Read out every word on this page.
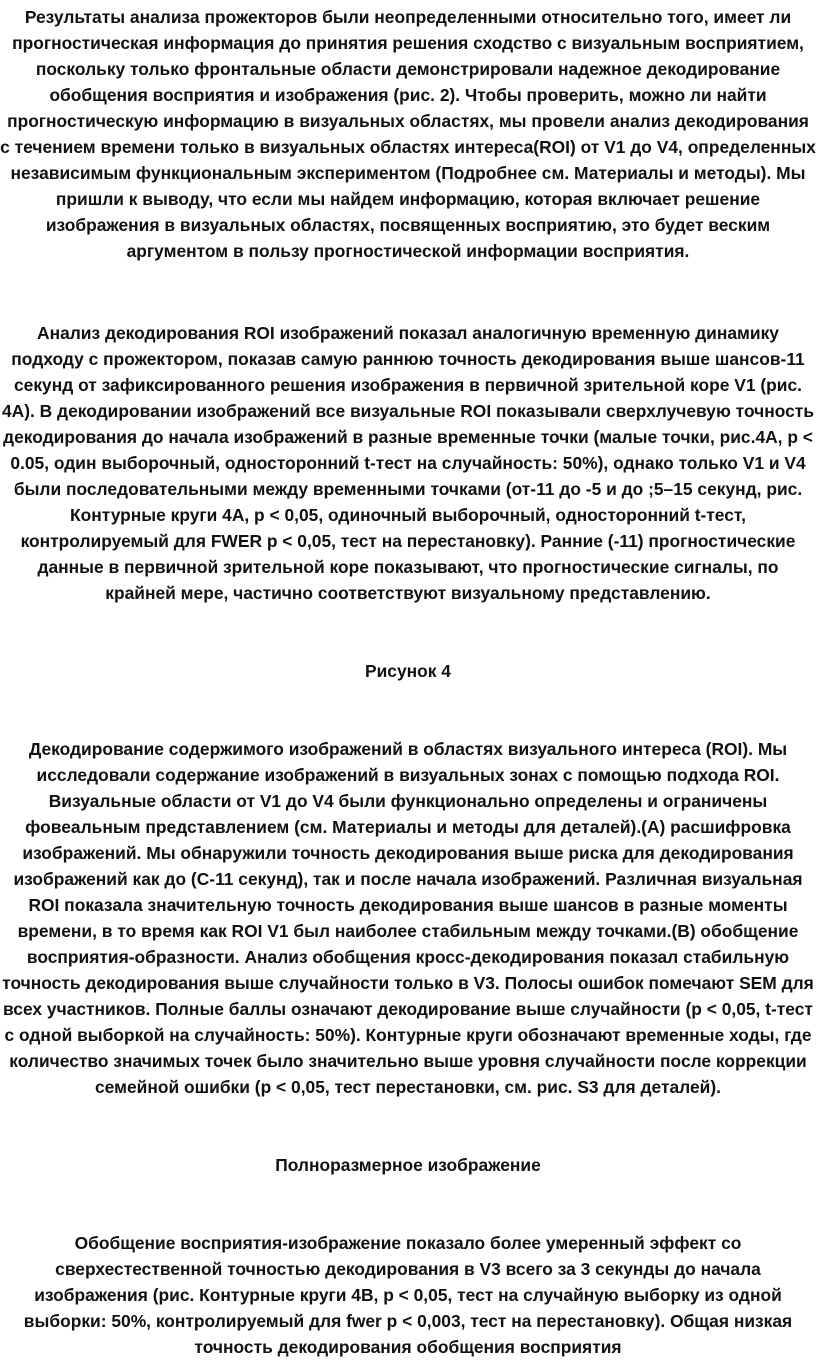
Результаты анализа прожекторов были неопределенными относительно того, имеет ли прогностическая информация до принятия решения сходство с визуальным восприятием, поскольку только фронтальные области демонстрировали надежное декодирование обобщения восприятия и изображения (рис. 2). Чтобы проверить, можно ли найти прогностическую информацию в визуальных областях, мы провели анализ декодирования с течением времени только в визуальных областях интереса(ROI) от V1 до V4, определенных независимым функциональным экспериментом (Подробнее см. Материалы и методы). Мы пришли к выводу, что если мы найдем информацию, которая включает решение изображения в визуальных областях, посвященных восприятию, это будет веским аргументом в пользу прогностической информации восприятия.

Анализ декодирования ROI изображений показал аналогичную временную динамику подходу с прожектором, показав самую раннюю точность декодирования выше шансов-11 секунд от зафиксированного решения изображения в первичной зрительной коре V1 (рис. 4A). В декодировании изображений все визуальные ROI показывали сверхлучевую точность декодирования до начала изображений в разные временные точки (малые точки, рис.4A, p < 0.05, один выборочный, односторонний t-тест на случайность: 50%), однако только V1 и V4 были последовательными между временными точками (от-11 до -5 и до ;5–15 секунд, рис. Контурные круги 4A, p < 0,05, одиночный выборочный, односторонний t-тест, контролируемый для FWER p < 0,05, тест на перестановку). Ранние (-11) прогностические данные в первичной зрительной коре показывают, что прогностические сигналы, по крайней мере, частично соответствуют визуальному представлению.

Рисунок 4

Декодирование содержимого изображений в областях визуального интереса (ROI). Мы исследовали содержание изображений в визуальных зонах с помощью подхода ROI. Визуальные области от V1 до V4 были функционально определены и ограничены фовеальным представлением (см. Материалы и методы для деталей).(A) расшифровка изображений. Мы обнаружили точность декодирования выше риска для декодирования изображений как до (C-11 секунд), так и после начала изображений. Различная визуальная ROI показала значительную точность декодирования выше шансов в разные моменты времени, в то время как ROI V1 был наиболее стабильным между точками.(B) обобщение восприятия-образности. Анализ обобщения кросс-декодирования показал стабильную точность декодирования выше случайности только в V3. Полосы ошибок помечают SEM для всех участников. Полные баллы означают декодирование выше случайности (p < 0,05, t-тест с одной выборкой на случайность: 50%). Контурные круги обозначают временные ходы, где количество значимых точек было значительно выше уровня случайности после коррекции семейной ошибки (p < 0,05, тест перестановки, см. рис. S3 для деталей).

Полноразмерное изображение

Обобщение восприятия-изображение показало более умеренный эффект со сверхестественной точностью декодирования в V3 всего за 3 секунды до начала изображения (рис. Контурные круги 4B, p < 0,05, тест на случайную выборку из одной выборки: 50%, контролируемый для fwer p < 0,003, тест на перестановку). Общая низкая точность декодирования обобщения восприятия
